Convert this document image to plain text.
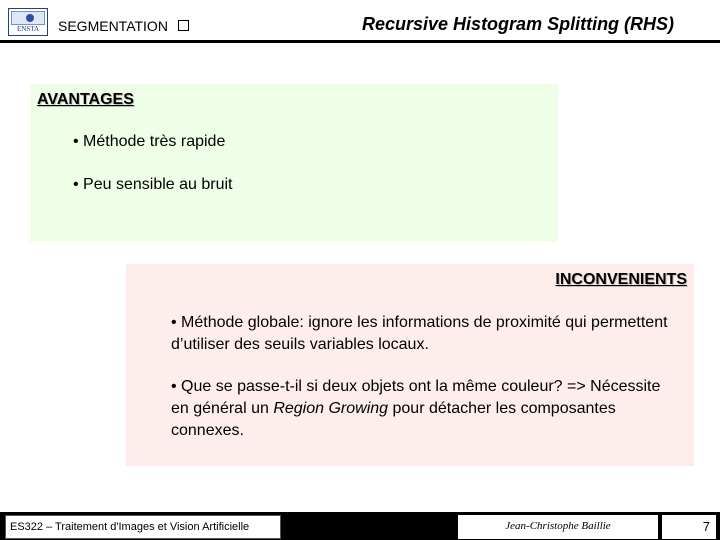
ENSTA	SEGMENTATION	Recursive Histogram Splitting (RHS)
AVANTAGES
• Méthode très rapide
• Peu sensible au bruit
INCONVENIENTS
• Méthode globale: ignore les informations de proximité qui permettent d’utiliser des seuils variables locaux.
• Que se passe-t-il si deux objets ont la même couleur? => Nécessite en général un Region Growing pour détacher les composantes connexes.
ES322 – Traitement d'Images et Vision Artificielle	Jean-Christophe Baillie	7
